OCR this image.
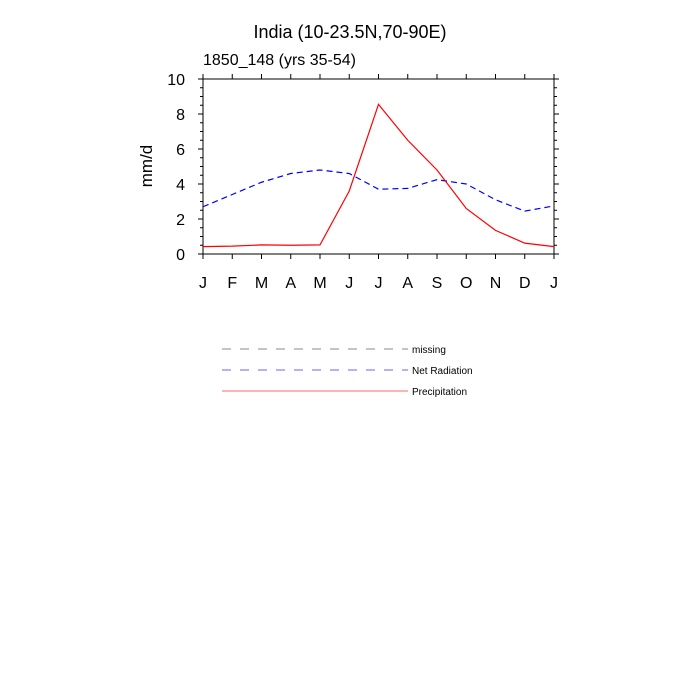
India (10-23.5N,70-90E)
1850_148 (yrs 35-54)
mm/d
0
2
4
6
8
10
J F M A M J J A S O N D J
missing
Net Radiation
Precipitation
